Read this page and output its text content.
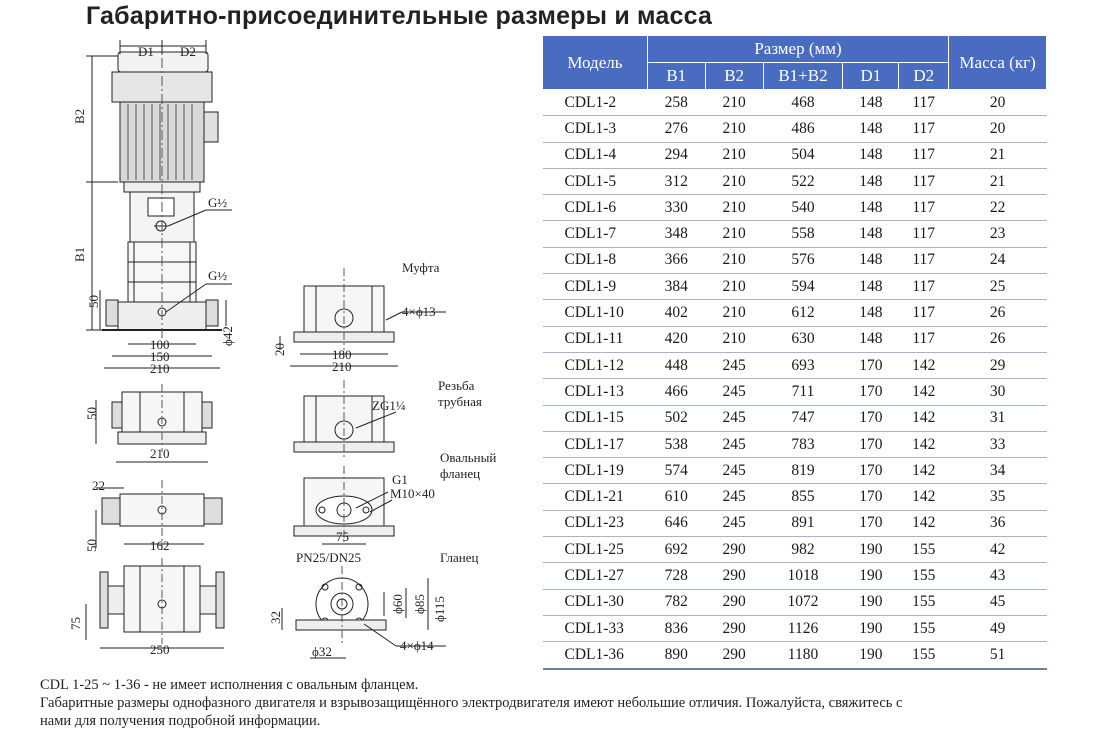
Габаритно-присоединительные размеры и масса
D1 D2
B2
B1
G½
G½
50
100
150
210
ϕ42
Муфта
4×ϕ13
20	180
210
Резьба
трубная
ZG1¼
50
210	Овальный
фланец
G1
M10×40
22
50	162
75
PN25/DN25	Гланец
75
250
32
ϕ60 ϕ85 ϕ115
ϕ32	4×ϕ14
Модель	Размер (мм)					Масса (кг)
	B1	B2	B1+B2	D1	D2	
CDL1-2	258	210	468	148	117	20
CDL1-3	276	210	486	148	117	20
CDL1-4	294	210	504	148	117	21
CDL1-5	312	210	522	148	117	21
CDL1-6	330	210	540	148	117	22
CDL1-7	348	210	558	148	117	23
CDL1-8	366	210	576	148	117	24
CDL1-9	384	210	594	148	117	25
CDL1-10	402	210	612	148	117	26
CDL1-11	420	210	630	148	117	26
CDL1-12	448	245	693	170	142	29
CDL1-13	466	245	711	170	142	30
CDL1-15	502	245	747	170	142	31
CDL1-17	538	245	783	170	142	33
CDL1-19	574	245	819	170	142	34
CDL1-21	610	245	855	170	142	35
CDL1-23	646	245	891	170	142	36
CDL1-25	692	290	982	190	155	42
CDL1-27	728	290	1018	190	155	43
CDL1-30	782	290	1072	190	155	45
CDL1-33	836	290	1126	190	155	49
CDL1-36	890	290	1180	190	155	51
CDL 1-25 ~ 1-36 - не имеет исполнения с овальным фланцем.
Габаритные размеры однофазного двигателя и взрывозащищённого электродвигателя имеют небольшие отличия. Пожалуйста, свяжитесь с
нами для получения подробной информации.
